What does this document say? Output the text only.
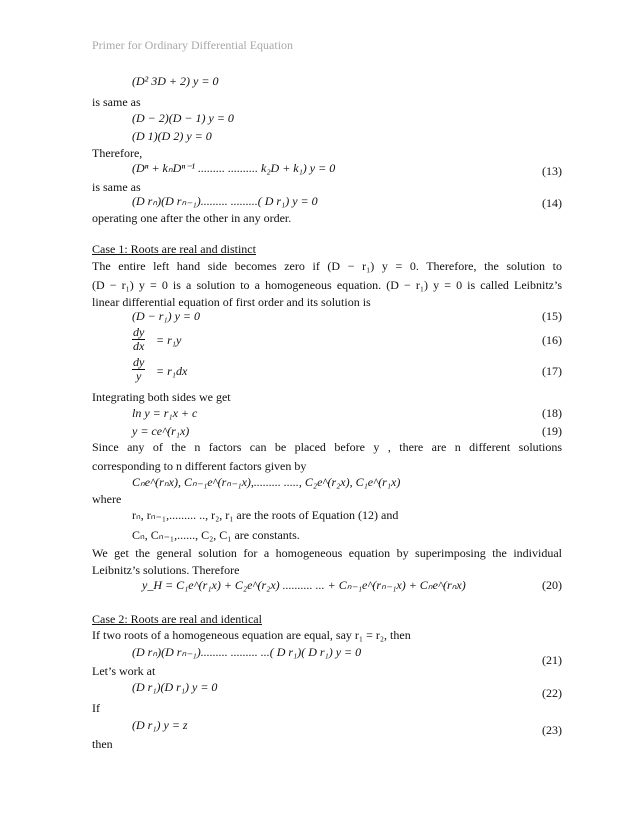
Primer for Ordinary Differential Equation
(D² 3D + 2) y = 0
is same as
(D − 2)(D − 1) y = 0
(D 1)(D 2) y = 0
Therefore,
(Dⁿ + kₙDⁿ⁻¹ ......... .......... k₂D + k₁) y = 0	(13)
is same as
(D rₙ)(D rₙ₋₁)......... .........( D r₁) y = 0	(14)
operating one after the other in any order.
Case 1: Roots are real and distinct
The entire left hand side becomes zero if (D − r₁) y = 0. Therefore, the solution to
(D − r₁) y = 0 is a solution to a homogeneous equation. (D − r₁) y = 0 is called Leibnitz’s
linear differential equation of first order and its solution is
(D − r₁) y = 0	(15)
$\frac{dy}{dx} = r_1y$	(16)
$\frac{dy}{y} = r_1dx$	(17)
Integrating both sides we get
ln y = r₁x + c	(18)
y = ce^(r₁x)	(19)
Since any of the n factors can be placed before y , there are n different solutions
corresponding to n different factors given by
Cₙe^(rₙx), Cₙ₋₁e^(rₙ₋₁x),......... ....., C₂e^(r₂x), C₁e^(r₁x)
where
rₙ, rₙ₋₁,......... .., r₂, r₁ are the roots of Equation (12) and
Cₙ, Cₙ₋₁,......, C₂, C₁ are constants.
We get the general solution for a homogeneous equation by superimposing the individual
Leibnitz’s solutions. Therefore
y_H = C₁e^(r₁x) + C₂e^(r₂x) .......... ... + Cₙ₋₁e^(rₙ₋₁x) + Cₙe^(rₙx)	(20)
Case 2: Roots are real and identical
If two roots of a homogeneous equation are equal, say r₁ = r₂, then
(D rₙ)(D rₙ₋₁)......... ......... ...( D r₁)( D r₁) y = 0
(21)
Let’s work at
(D r₁)(D r₁) y = 0	(22)
If
(D r₁) y = z	(23)
then
